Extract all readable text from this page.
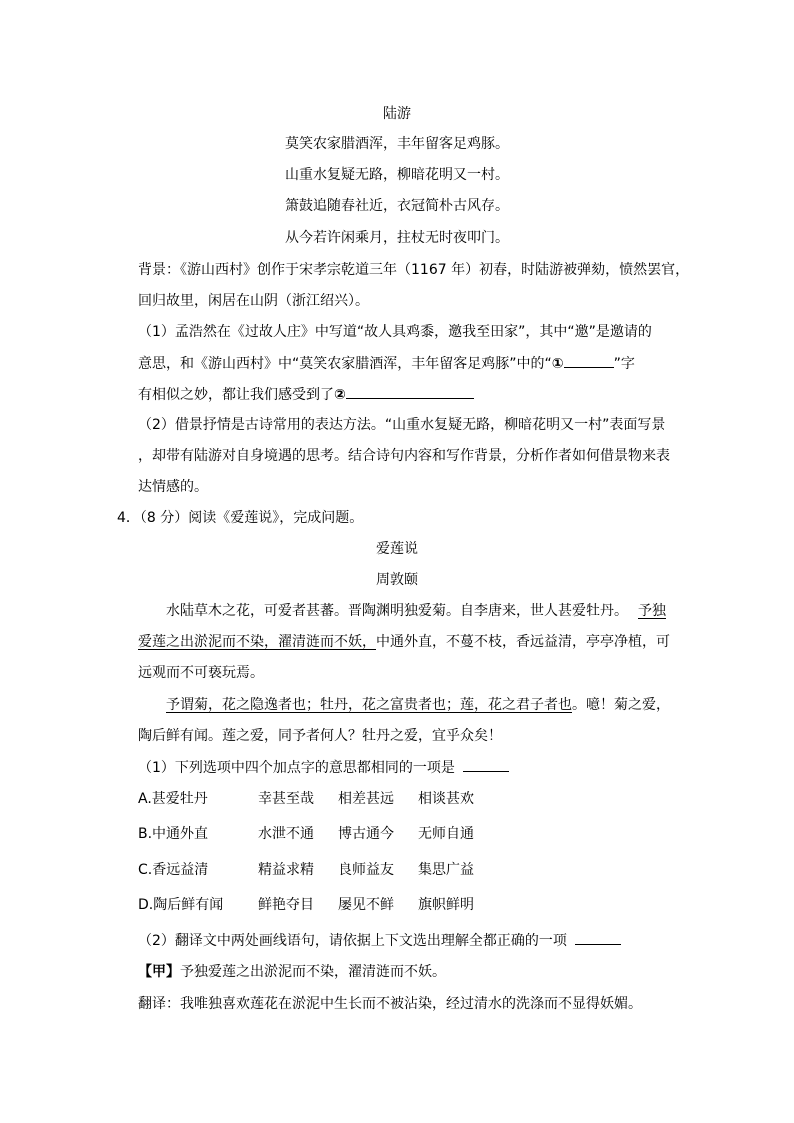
陆游
莫笑农家腊酒浑，丰年留客足鸡豚。
山重水复疑无路，柳暗花明又一村。
箫鼓追随春社近，衣冠简朴古风存。
从今若许闲乘月，拄杖无时夜叩门。
背景：《游山西村》创作于宋孝宗乾道三年（1167 年）初春，时陆游被弹劾，愤然罢官，
回归故里，闲居在山阴（浙江绍兴）。
（1）孟浩然在《过故人庄》中写道“故人具鸡黍，邀我至田家”，其中“邀”是邀请的
意思，和《游山西村》中“莫笑农家腊酒浑，丰年留客足鸡豚”中的“①	”字
有相似之妙，都让我们感受到了②
（2）借景抒情是古诗常用的表达方法。“山重水复疑无路，柳暗花明又一村”表面写景
，却带有陆游对自身境遇的思考。结合诗句内容和写作背景，分析作者如何借景物来表
达情感的。
4．（8 分）阅读《爱莲说》，完成问题。
爱莲说
周敦颐
水陆草木之花，可爱者甚蕃。晋陶渊明独爱菊。自李唐来，世人甚爱牡丹。 予独
爱莲之出淤泥而不染，濯清涟而不妖，中通外直，不蔓不枝，香远益清，亭亭净植，可
远观而不可亵玩焉。
予谓菊，花之隐逸者也；牡丹，花之富贵者也；莲，花之君子者也。噫！菊之爱，
陶后鲜有闻。莲之爱，同予者何人？牡丹之爱，宜乎众矣！
（1）下列选项中四个加点字的意思都相同的一项是
A.甚爱牡丹	幸甚至哉 相差甚远 相谈甚欢
B.中通外直	水泄不通 博古通今 无师自通
C.香远益清	精益求精 良师益友 集思广益
D.陶后鲜有闻 鲜艳夺目 屡见不鲜 旗帜鲜明
（2）翻译文中两处画线语句，请依据上下文选出理解全都正确的一项
【甲】予独爱莲之出淤泥而不染，濯清涟而不妖。
翻译：我唯独喜欢莲花在淤泥中生长而不被沾染，经过清水的洗涤而不显得妖媚。
